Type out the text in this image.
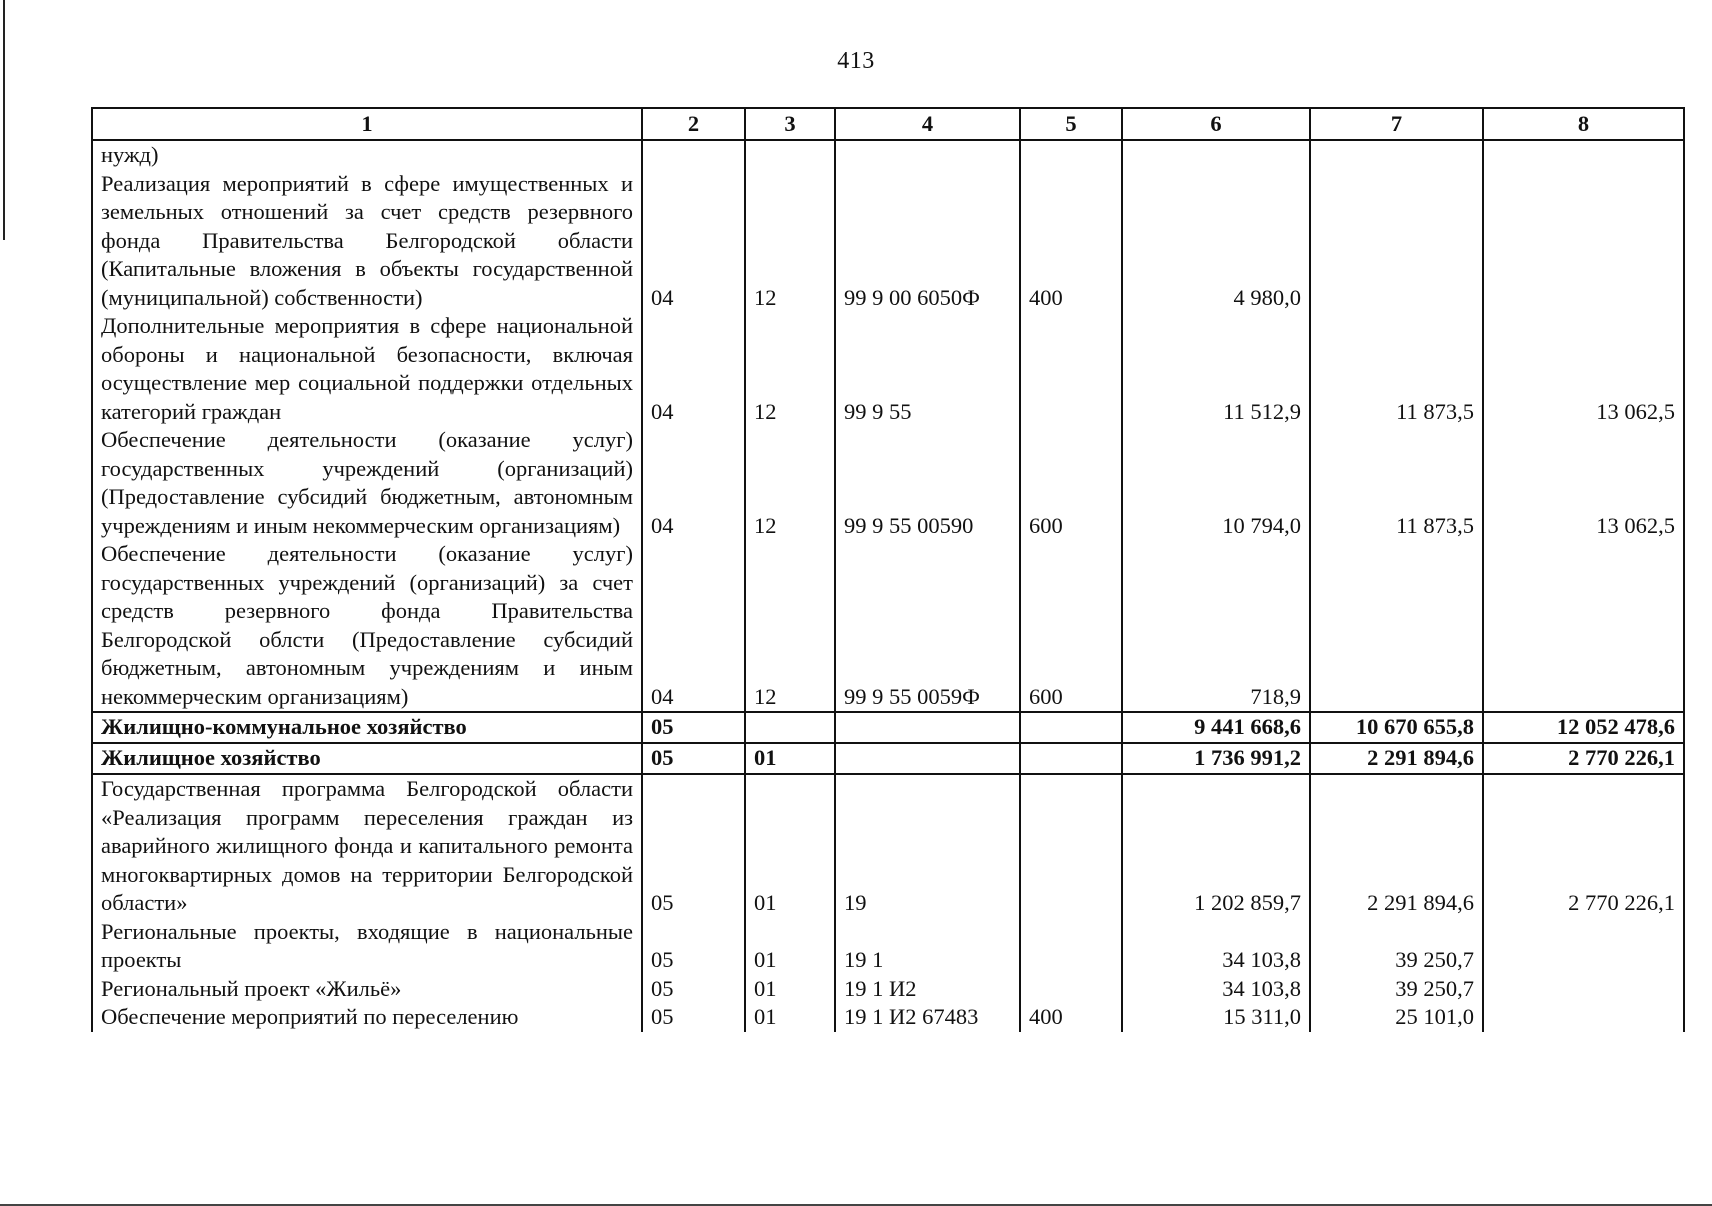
413
1	2	3	4	5	6	7	8
нужд)							
Реализация мероприятий в сфере имущественных и земельных отношений за счет средств резервного фонда Правительства Белгородской области (Капитальные вложения в объекты государственной (муниципальной) собственности)	04	12	99 9 00 6050Ф	400	4 980,0		
Дополнительные мероприятия в сфере национальной обороны и национальной безопасности, включая осуществление мер социальной поддержки отдельных категорий граждан	04	12	99 9 55		11 512,9	11 873,5	13 062,5
Обеспечение деятельности (оказание услуг) государственных учреждений (организаций) (Предоставление субсидий бюджетным, автономным учреждениям и иным некоммерческим организациям)	04	12	99 9 55 00590	600	10 794,0	11 873,5	13 062,5
Обеспечение деятельности (оказание услуг) государственных учреждений (организаций) за счет средств резервного фонда Правительства Белгородской облсти (Предоставление субсидий бюджетным, автономным учреждениям и иным некоммерческим организациям)	04	12	99 9 55 0059Ф	600	718,9		
Жилищно-коммунальное хозяйство	05				9 441 668,6	10 670 655,8	12 052 478,6
Жилищное хозяйство	05	01			1 736 991,2	2 291 894,6	2 770 226,1
Государственная программа Белгородской области «Реализация программ переселения граждан из аварийного жилищного фонда и капитального ремонта многоквартирных домов на территории Белгородской области»	05	01	19		1 202 859,7	2 291 894,6	2 770 226,1
Региональные проекты, входящие в национальные проекты	05	01	19 1		34 103,8	39 250,7	
Региональный проект «Жильё»	05	01	19 1 И2		34 103,8	39 250,7	
Обеспечение мероприятий по переселению	05	01	19 1 И2 67483	400	15 311,0	25 101,0	
